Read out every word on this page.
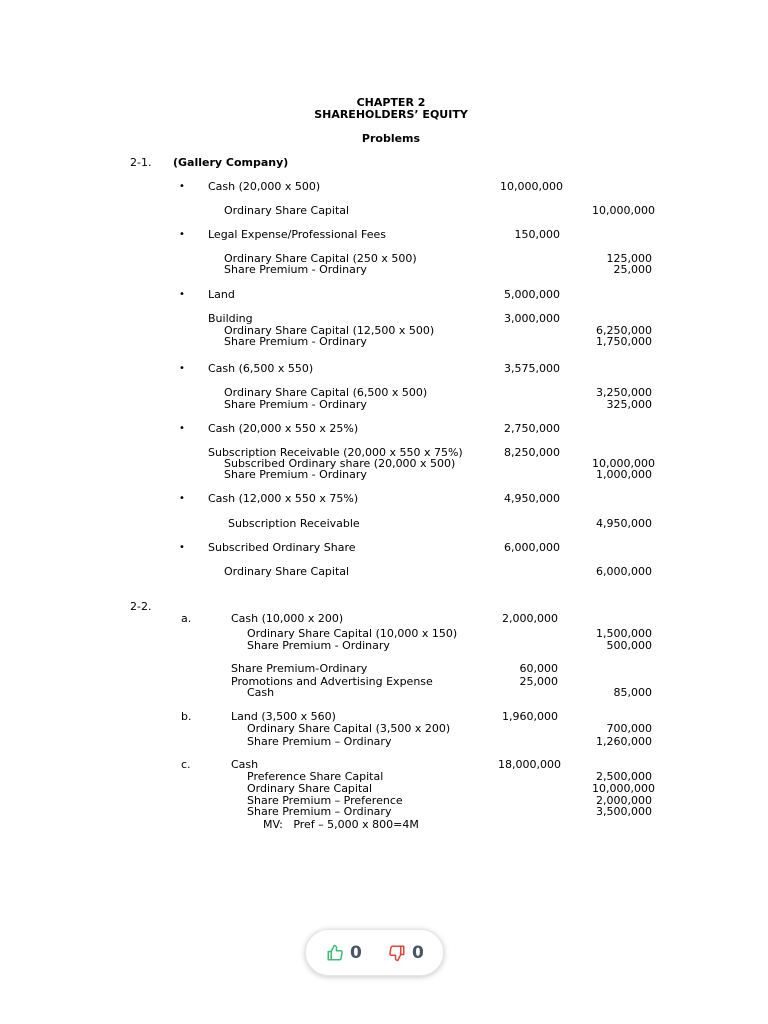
CHAPTER 2
SHAREHOLDERS’ EQUITY
Problems
2-1. (Gallery Company)
• Cash (20,000 x 500)	10,000,000
Ordinary Share Capital	10,000,000
• Legal Expense/Professional Fees	150,000
Ordinary Share Capital (250 x 500)	125,000
Share Premium - Ordinary	25,000
• Land	5,000,000
Building	3,000,000
Ordinary Share Capital (12,500 x 500)	6,250,000
Share Premium - Ordinary	1,750,000
• Cash (6,500 x 550)	3,575,000
Ordinary Share Capital (6,500 x 500)	3,250,000
Share Premium - Ordinary	325,000
• Cash (20,000 x 550 x 25%)	2,750,000
Subscription Receivable (20,000 x 550 x 75%)	8,250,000
Subscribed Ordinary share (20,000 x 500)	10,000,000
Share Premium - Ordinary	1,000,000
• Cash (12,000 x 550 x 75%)	4,950,000
Subscription Receivable	4,950,000
• Subscribed Ordinary Share	6,000,000
Ordinary Share Capital	6,000,000
2-2.
a.	Cash (10,000 x 200)	2,000,000
Ordinary Share Capital (10,000 x 150)	1,500,000
Share Premium - Ordinary	500,000
Share Premium-Ordinary	60,000
Promotions and Advertising Expense	25,000
Cash	85,000
b.	Land (3,500 x 560)	1,960,000
Ordinary Share Capital (3,500 x 200)	700,000
Share Premium – Ordinary	1,260,000
c.	Cash	18,000,000
Preference Share Capital	2,500,000
Ordinary Share Capital	10,000,000
Share Premium – Preference	2,000,000
Share Premium – Ordinary	3,500,000
MV:   Pref – 5,000 x 800=4M
0	0
